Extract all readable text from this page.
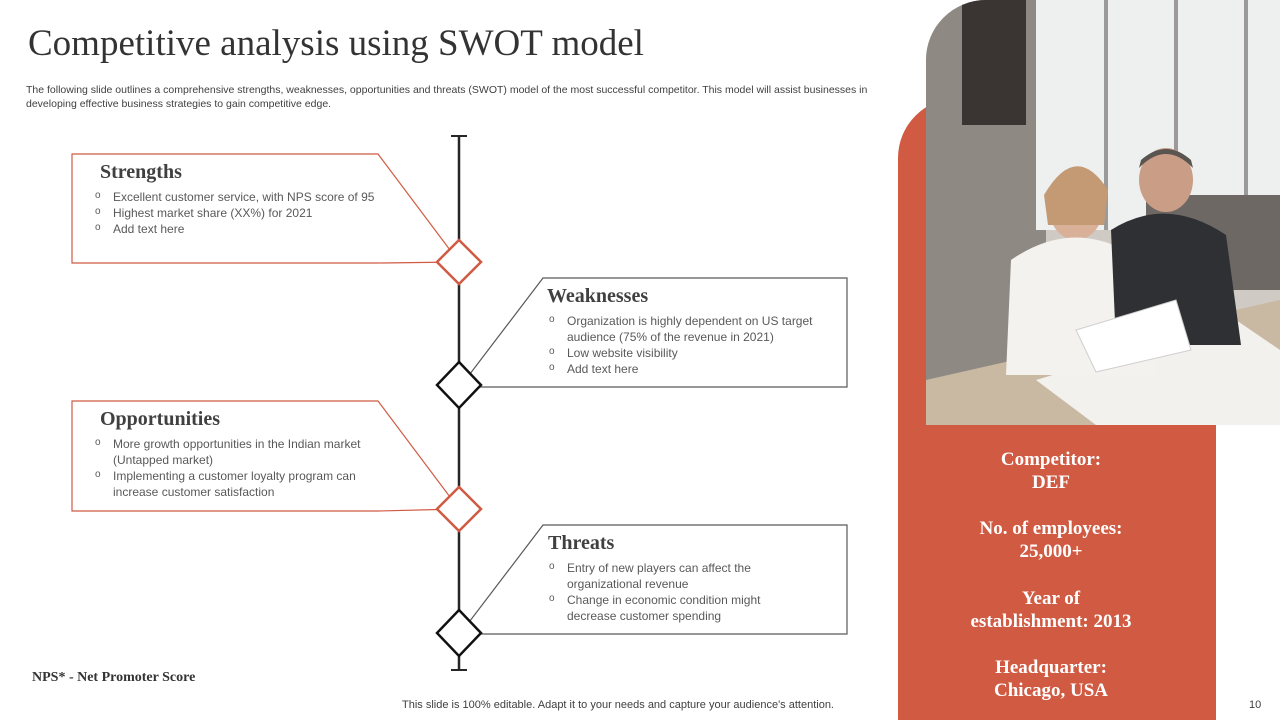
Competitive analysis using SWOT model
The following slide outlines a comprehensive strengths, weaknesses, opportunities and threats (SWOT) model of the most successful competitor. This model will assist businesses in developing effective business strategies to gain competitive edge.
Strengths
o Excellent customer service, with NPS score of 95
o Highest market share (XX%) for 2021
o Add text here
Weaknesses
o Organization is highly dependent on US target audience (75% of the revenue in 2021)
o Low website visibility
o Add text here
Opportunities
o More growth opportunities in the Indian market (Untapped market)
o Implementing a customer loyalty program can increase customer satisfaction
Threats
o Entry of new players can affect the organizational revenue
o Change in economic condition might decrease customer spending
Competitor:
DEF
No. of employees:
25,000+
Year of
establishment: 2013
Headquarter:
Chicago, USA
NPS* - Net Promoter Score
This slide is 100% editable. Adapt it to your needs and capture your audience's attention.	10
